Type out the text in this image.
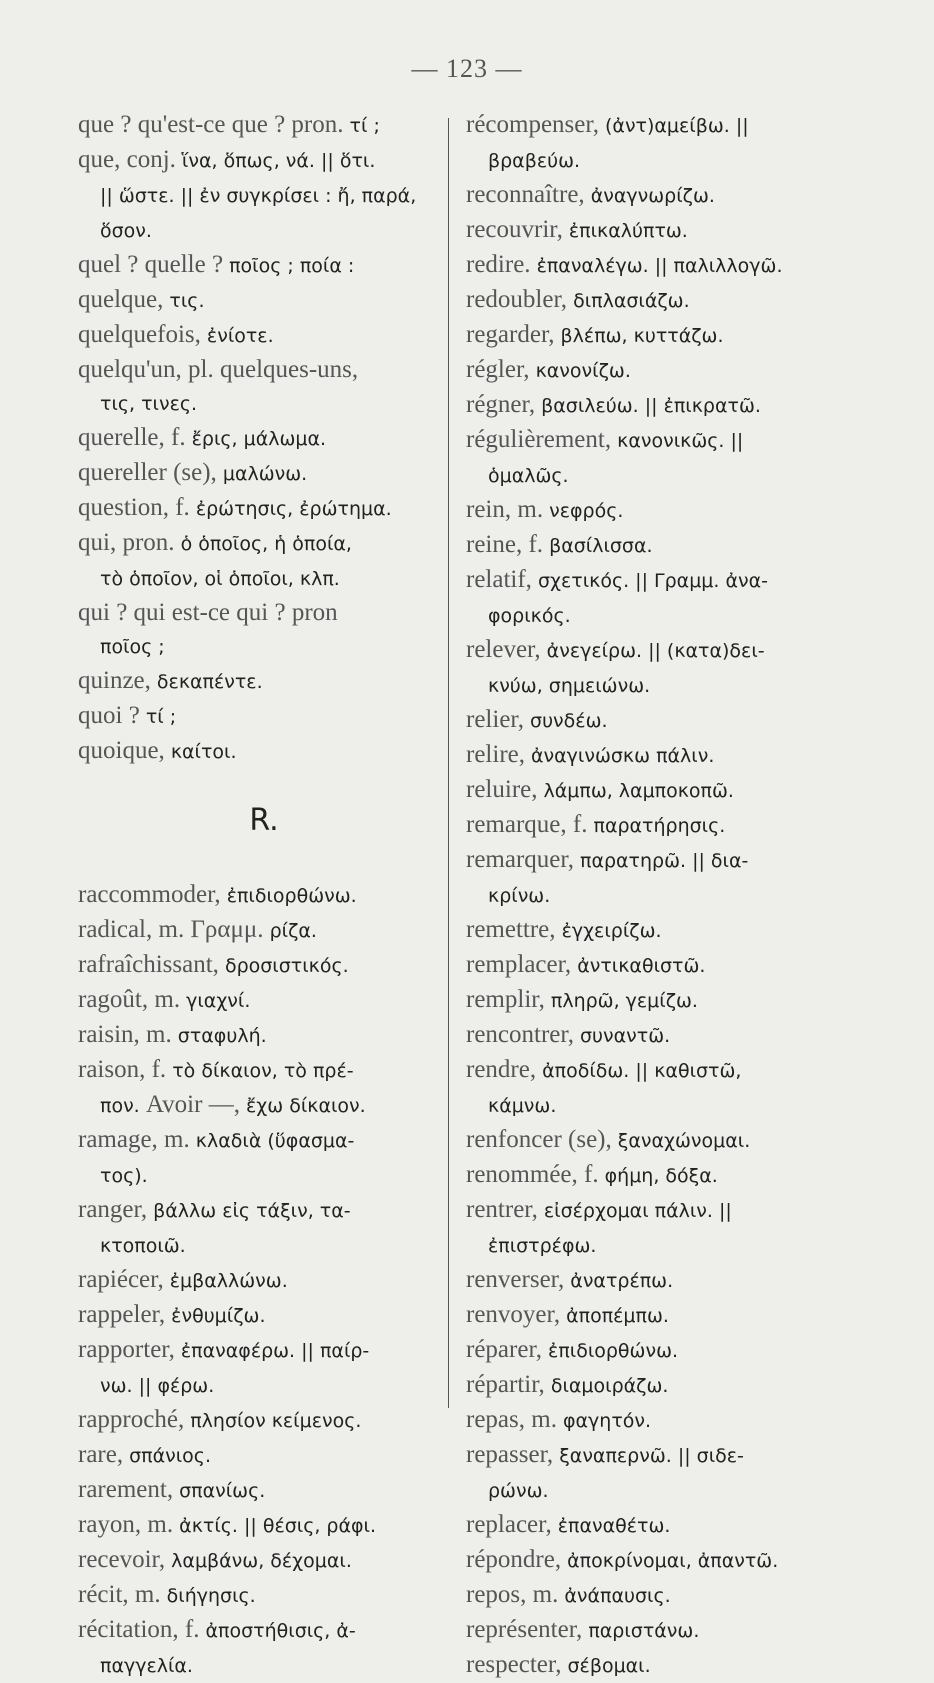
— 123 —
que ? qu'est-ce que ? pron. τί ;
que, conj. ἵνα, ὅπως, νά. || ὅτι.
|| ὥστε. || ἐν συγκρίσει : ἤ, παρά, ὅσον.
quel ? quelle ? ποῖος ; ποία :
quelque, τις.
quelquefois, ἐνίοτε.
quelqu'un, pl. quelques-uns,
τις, τινες.
querelle, f. ἔρις, μάλωμα.
quereller (se), μαλώνω.
question, f. ἐρώτησις, ἐρώτημα.
qui, pron. ὁ ὁποῖος, ἡ ὁποία,
τὸ ὁποῖον, οἱ ὁποῖοι, κλπ.
qui ? qui est-ce qui ? pron
ποῖος ;
quinze, δεκαπέντε.
quoi ? τί ;
quoique, καίτοι.
R.
raccommoder, ἐπιδιορθώνω.
radical, m. Γραμμ. ρίζα.
rafraîchissant, δροσιστικός.
ragoût, m. γιαχνί.
raisin, m. σταφυλή.
raison, f. τὸ δίκαιον, τὸ πρέ-
πον. Avoir —, ἔχω δίκαιον.
ramage, m. κλαδιὰ (ὕφασμα-
τος).
ranger, βάλλω εἰς τάξιν, τα-
κτοποιῶ.
rapiécer, ἐμβαλλώνω.
rappeler, ἐνθυμίζω.
rapporter, ἐπαναφέρω. || παίρ-
νω. || φέρω.
rapproché, πλησίον κείμενος.
rare, σπάνιος.
rarement, σπανίως.
rayon, m. ἀκτίς. || θέσις, ράφι.
recevoir, λαμβάνω, δέχομαι.
récit, m. διήγησις.
récitation, f. ἀποστήθισις, ἀ-
παγγελία.
récompenser, (ἀντ)αμείβω. ||
βραβεύω.
reconnaître, ἀναγνωρίζω.
recouvrir, ἐπικαλύπτω.
redire. ἐπαναλέγω. || παλιλλογῶ.
redoubler, διπλασιάζω.
regarder, βλέπω, κυττάζω.
régler, κανονίζω.
régner, βασιλεύω. || ἐπικρατῶ.
régulièrement, κανονικῶς. ||
ὁμαλῶς.
rein, m. νεφρός.
reine, f. βασίλισσα.
relatif, σχετικός. || Γραμμ. ἀνα-
φορικός.
relever, ἀνεγείρω. || (κατα)δει-
κνύω, σημειώνω.
relier, συνδέω.
relire, ἀναγινώσκω πάλιν.
reluire, λάμπω, λαμποκοπῶ.
remarque, f. παρατήρησις.
remarquer, παρατηρῶ. || δια-
κρίνω.
remettre, ἐγχειρίζω.
remplacer, ἀντικαθιστῶ.
remplir, πληρῶ, γεμίζω.
rencontrer, συναντῶ.
rendre, ἀποδίδω. || καθιστῶ,
κάμνω.
renfoncer (se), ξαναχώνομαι.
renommée, f. φήμη, δόξα.
rentrer, εἰσέρχομαι πάλιν. ||
ἐπιστρέφω.
renverser, ἀνατρέπω.
renvoyer, ἀποπέμπω.
réparer, ἐπιδιορθώνω.
répartir, διαμοιράζω.
repas, m. φαγητόν.
repasser, ξαναπερνῶ. || σιδε-
ρώνω.
replacer, ἐπαναθέτω.
répondre, ἀποκρίνομαι, ἀπαντῶ.
repos, m. ἀνάπαυσις.
représenter, παριστάνω.
respecter, σέβομαι.
